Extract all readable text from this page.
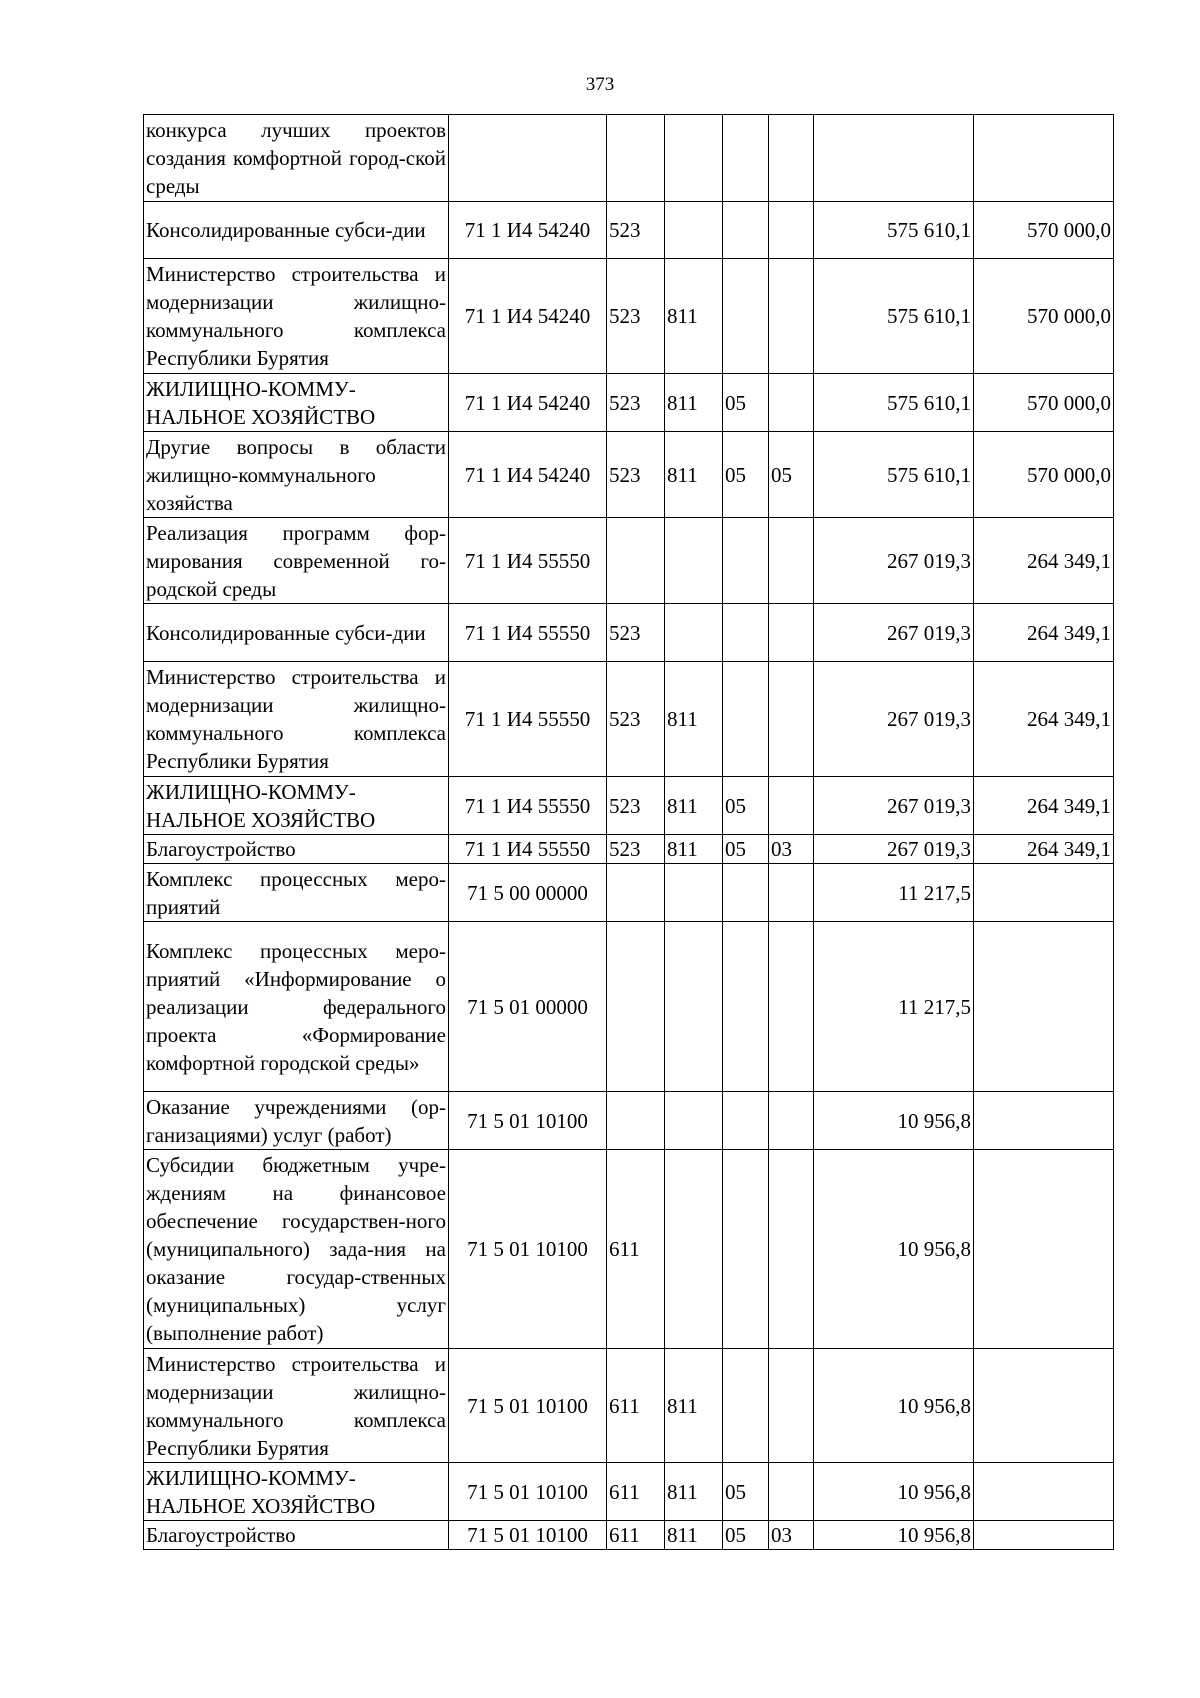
373
конкурса лучших проектов создания комфортной город-ской среды							
Консолидированные субси-дии	71 1 И4 54240	523				575 610,1	570 000,0
Министерство строительства и модернизации жилищно-коммунального комплекса Республики Бурятия	71 1 И4 54240	523	811			575 610,1	570 000,0
ЖИЛИЩНО-КОММУ-НАЛЬНОЕ ХОЗЯЙСТВО	71 1 И4 54240	523	811	05		575 610,1	570 000,0
Другие вопросы в области жилищно-коммунального хозяйства	71 1 И4 54240	523	811	05	05	575 610,1	570 000,0
Реализация программ фор-мирования современной го-родской среды	71 1 И4 55550					267 019,3	264 349,1
Консолидированные субси-дии	71 1 И4 55550	523				267 019,3	264 349,1
Министерство строительства и модернизации жилищно-коммунального комплекса Республики Бурятия	71 1 И4 55550	523	811			267 019,3	264 349,1
ЖИЛИЩНО-КОММУ-НАЛЬНОЕ ХОЗЯЙСТВО	71 1 И4 55550	523	811	05		267 019,3	264 349,1
Благоустройство	71 1 И4 55550	523	811	05	03	267 019,3	264 349,1
Комплекс процессных меро-приятий	71 5 00 00000					11 217,5	
Комплекс процессных меро-приятий «Информирование о реализации федерального проекта «Формирование комфортной городской среды»	71 5 01 00000					11 217,5	
Оказание учреждениями (ор-ганизациями) услуг (работ)	71 5 01 10100					10 956,8	
Субсидии бюджетным учре-ждениям на финансовое обеспечение государствен-ного (муниципального) зада-ния на оказание государ-ственных (муниципальных) услуг (выполнение работ)	71 5 01 10100	611				10 956,8	
Министерство строительства и модернизации жилищно-коммунального комплекса Республики Бурятия	71 5 01 10100	611	811			10 956,8	
ЖИЛИЩНО-КОММУ-НАЛЬНОЕ ХОЗЯЙСТВО	71 5 01 10100	611	811	05		10 956,8	
Благоустройство	71 5 01 10100	611	811	05	03	10 956,8	
